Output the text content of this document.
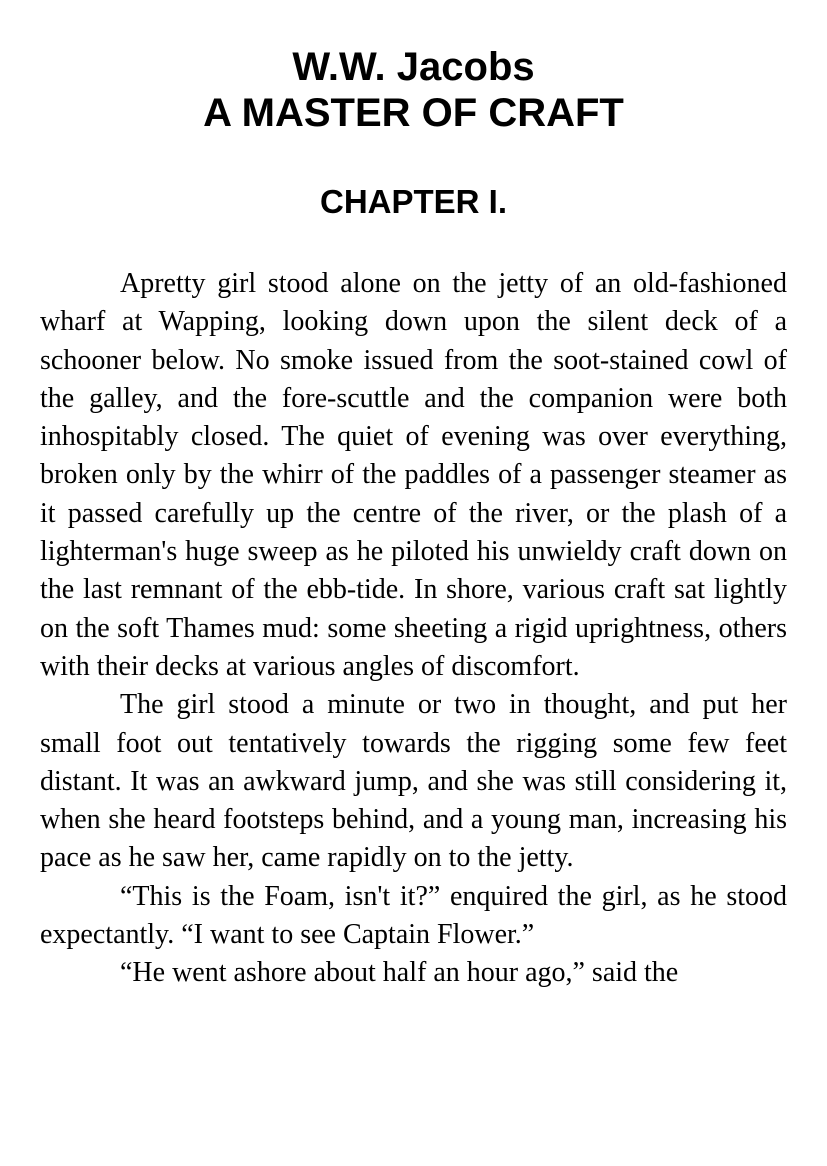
W.W. Jacobs
A MASTER OF CRAFT
CHAPTER I.

Apretty girl stood alone on the jetty of an old-fashioned wharf at Wapping, looking down upon the silent deck of a schooner below. No smoke issued from the soot-stained cowl of the galley, and the fore-scuttle and the companion were both inhospitably closed. The quiet of evening was over everything, broken only by the whirr of the paddles of a passenger steamer as it passed carefully up the centre of the river, or the plash of a lighterman's huge sweep as he piloted his unwieldy craft down on the last remnant of the ebb-tide. In shore, various craft sat lightly on the soft Thames mud: some sheeting a rigid uprightness, others with their decks at various angles of discomfort.

The girl stood a minute or two in thought, and put her small foot out tentatively towards the rigging some few feet distant. It was an awkward jump, and she was still considering it, when she heard footsteps behind, and a young man, increasing his pace as he saw her, came rapidly on to the jetty.

“This is the Foam, isn't it?” enquired the girl, as he stood expectantly. “I want to see Captain Flower.”

“He went ashore about half an hour ago,” said the
